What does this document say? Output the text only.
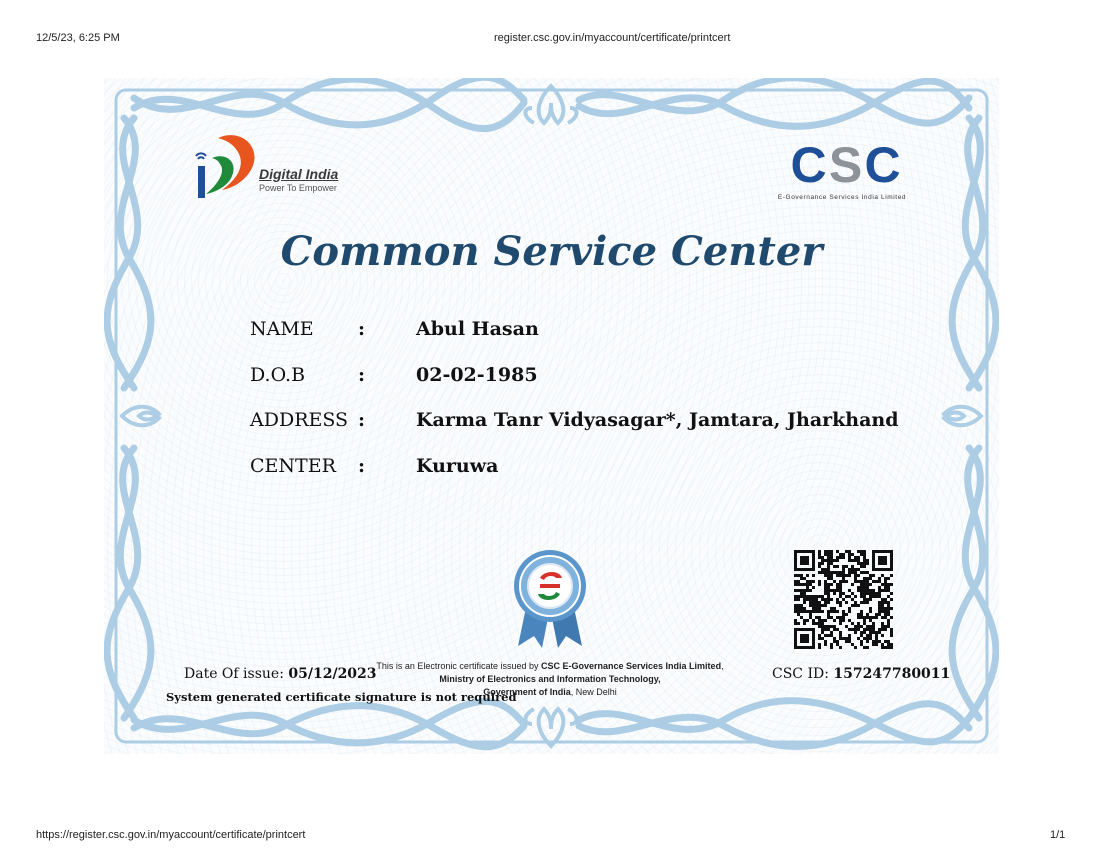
12/5/23, 6:25 PM	register.csc.gov.in/myaccount/certificate/printcert
Digital India
Power To Empower	C S C
E-Governance Services India Limited
Common Service Center
NAME :	Abul Hasan
D.O.B	:	02-02-1985
ADDRESS :	Karma Tanr Vidyasagar*, Jamtara, Jharkhand
CENTER :	Kuruwa
Date Of issue: 05/12/2023
System generated certificate signature is not required
This is an Electronic certificate issued by CSC E-Governance Services India Limited,
Ministry of Electronics and Information Technology,
Government of India, New Delhi
CSC ID: 157247780011
https://register.csc.gov.in/myaccount/certificate/printcert	1/1
